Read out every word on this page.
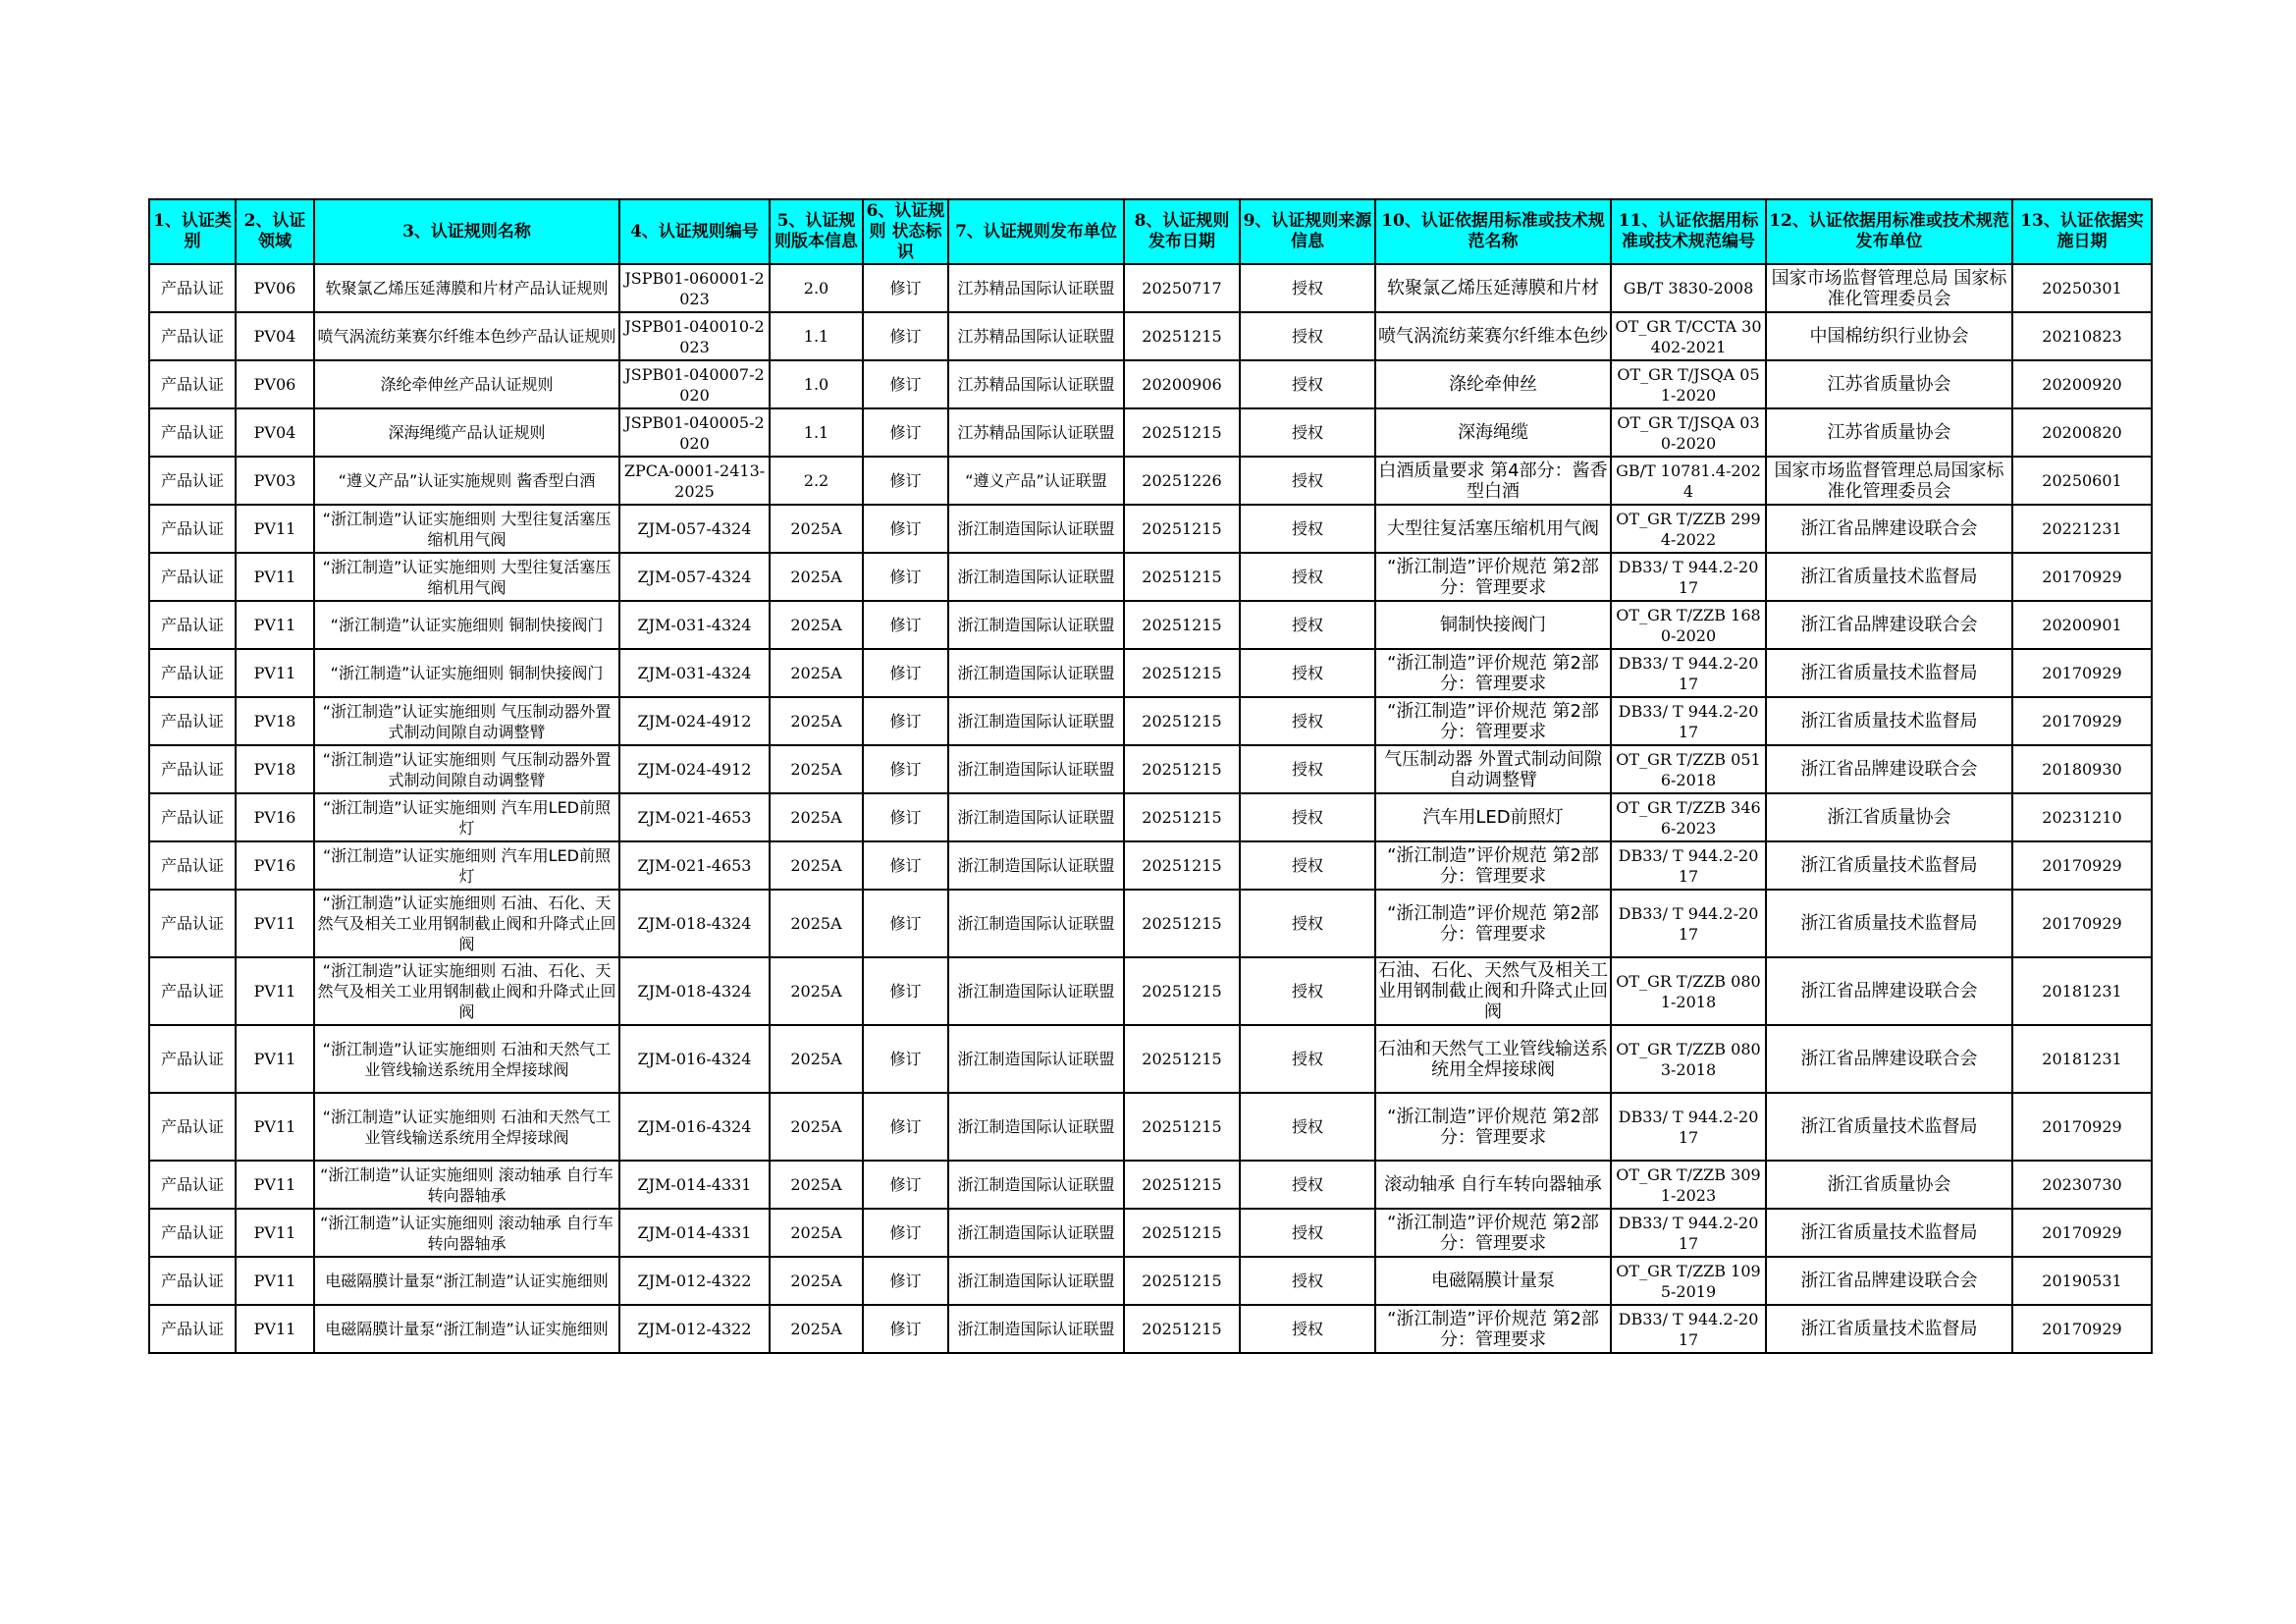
1、认证类别	2、认证领域	3、认证规则名称	4、认证规则编号	5、认证规则版本信息	6、认证规则 状态标识	7、认证规则发布单位	8、认证规则发布日期	9、认证规则来源信息	10、认证依据用标准或技术规范名称	11、认证依据用标准或技术规范编号	12、认证依据用标准或技术规范发布单位	13、认证依据实施日期
产品认证	PV06	软聚氯乙烯压延薄膜和片材产品认证规则	JSPB01-060001-2023	2.0	修订	江苏精品国际认证联盟	20250717	授权	软聚氯乙烯压延薄膜和片材	GB/T 3830-2008	国家市场监督管理总局 国家标准化管理委员会	20250301
产品认证	PV04	喷气涡流纺莱赛尔纤维本色纱产品认证规则	JSPB01-040010-2023	1.1	修订	江苏精品国际认证联盟	20251215	授权	喷气涡流纺莱赛尔纤维本色纱	OT_GR T/CCTA 30402-2021	中国棉纺织行业协会	20210823
产品认证	PV06	涤纶牵伸丝产品认证规则	JSPB01-040007-2020	1.0	修订	江苏精品国际认证联盟	20200906	授权	涤纶牵伸丝	OT_GR T/JSQA 051-2020	江苏省质量协会	20200920
产品认证	PV04	深海绳缆产品认证规则	JSPB01-040005-2020	1.1	修订	江苏精品国际认证联盟	20251215	授权	深海绳缆	OT_GR T/JSQA 030-2020	江苏省质量协会	20200820
产品认证	PV03	“遵义产品”认证实施规则 酱香型白酒	ZPCA-0001-2413-2025	2.2	修订	“遵义产品”认证联盟	20251226	授权	白酒质量要求 第4部分：酱香型白酒	GB/T 10781.4-2024	国家市场监督管理总局国家标准化管理委员会	20250601
产品认证	PV11	“浙江制造”认证实施细则 大型往复活塞压缩机用气阀	ZJM-057-4324	2025A	修订	浙江制造国际认证联盟	20251215	授权	大型往复活塞压缩机用气阀	OT_GR T/ZZB 2994-2022	浙江省品牌建设联合会	20221231
产品认证	PV11	“浙江制造”认证实施细则 大型往复活塞压缩机用气阀	ZJM-057-4324	2025A	修订	浙江制造国际认证联盟	20251215	授权	“浙江制造”评价规范 第2部分：管理要求	DB33/ T 944.2-2017	浙江省质量技术监督局	20170929
产品认证	PV11	“浙江制造”认证实施细则 铜制快接阀门	ZJM-031-4324	2025A	修订	浙江制造国际认证联盟	20251215	授权	铜制快接阀门	OT_GR T/ZZB 1680-2020	浙江省品牌建设联合会	20200901
产品认证	PV11	“浙江制造”认证实施细则 铜制快接阀门	ZJM-031-4324	2025A	修订	浙江制造国际认证联盟	20251215	授权	“浙江制造”评价规范 第2部分：管理要求	DB33/ T 944.2-2017	浙江省质量技术监督局	20170929
产品认证	PV18	“浙江制造”认证实施细则 气压制动器外置式制动间隙自动调整臂	ZJM-024-4912	2025A	修订	浙江制造国际认证联盟	20251215	授权	“浙江制造”评价规范 第2部分：管理要求	DB33/ T 944.2-2017	浙江省质量技术监督局	20170929
产品认证	PV18	“浙江制造”认证实施细则 气压制动器外置式制动间隙自动调整臂	ZJM-024-4912	2025A	修订	浙江制造国际认证联盟	20251215	授权	气压制动器 外置式制动间隙自动调整臂	OT_GR T/ZZB 0516-2018	浙江省品牌建设联合会	20180930
产品认证	PV16	“浙江制造”认证实施细则 汽车用LED前照灯	ZJM-021-4653	2025A	修订	浙江制造国际认证联盟	20251215	授权	汽车用LED前照灯	OT_GR T/ZZB 3466-2023	浙江省质量协会	20231210
产品认证	PV16	“浙江制造”认证实施细则 汽车用LED前照灯	ZJM-021-4653	2025A	修订	浙江制造国际认证联盟	20251215	授权	“浙江制造”评价规范 第2部分：管理要求	DB33/ T 944.2-2017	浙江省质量技术监督局	20170929
产品认证	PV11	“浙江制造”认证实施细则 石油、石化、天然气及相关工业用钢制截止阀和升降式止回阀	ZJM-018-4324	2025A	修订	浙江制造国际认证联盟	20251215	授权	“浙江制造”评价规范 第2部分：管理要求	DB33/ T 944.2-2017	浙江省质量技术监督局	20170929
产品认证	PV11	“浙江制造”认证实施细则 石油、石化、天然气及相关工业用钢制截止阀和升降式止回阀	ZJM-018-4324	2025A	修订	浙江制造国际认证联盟	20251215	授权	石油、石化、天然气及相关工业用钢制截止阀和升降式止回阀	OT_GR T/ZZB 0801-2018	浙江省品牌建设联合会	20181231
产品认证	PV11	“浙江制造”认证实施细则 石油和天然气工业管线输送系统用全焊接球阀	ZJM-016-4324	2025A	修订	浙江制造国际认证联盟	20251215	授权	石油和天然气工业管线输送系统用全焊接球阀	OT_GR T/ZZB 0803-2018	浙江省品牌建设联合会	20181231
产品认证	PV11	“浙江制造”认证实施细则 石油和天然气工业管线输送系统用全焊接球阀	ZJM-016-4324	2025A	修订	浙江制造国际认证联盟	20251215	授权	“浙江制造”评价规范 第2部分：管理要求	DB33/ T 944.2-2017	浙江省质量技术监督局	20170929
产品认证	PV11	“浙江制造”认证实施细则 滚动轴承 自行车转向器轴承	ZJM-014-4331	2025A	修订	浙江制造国际认证联盟	20251215	授权	滚动轴承 自行车转向器轴承	OT_GR T/ZZB 3091-2023	浙江省质量协会	20230730
产品认证	PV11	“浙江制造”认证实施细则 滚动轴承 自行车转向器轴承	ZJM-014-4331	2025A	修订	浙江制造国际认证联盟	20251215	授权	“浙江制造”评价规范 第2部分：管理要求	DB33/ T 944.2-2017	浙江省质量技术监督局	20170929
产品认证	PV11	电磁隔膜计量泵“浙江制造”认证实施细则	ZJM-012-4322	2025A	修订	浙江制造国际认证联盟	20251215	授权	电磁隔膜计量泵	OT_GR T/ZZB 1095-2019	浙江省品牌建设联合会	20190531
产品认证	PV11	电磁隔膜计量泵“浙江制造”认证实施细则	ZJM-012-4322	2025A	修订	浙江制造国际认证联盟	20251215	授权	“浙江制造”评价规范 第2部分：管理要求	DB33/ T 944.2-2017	浙江省质量技术监督局	20170929
